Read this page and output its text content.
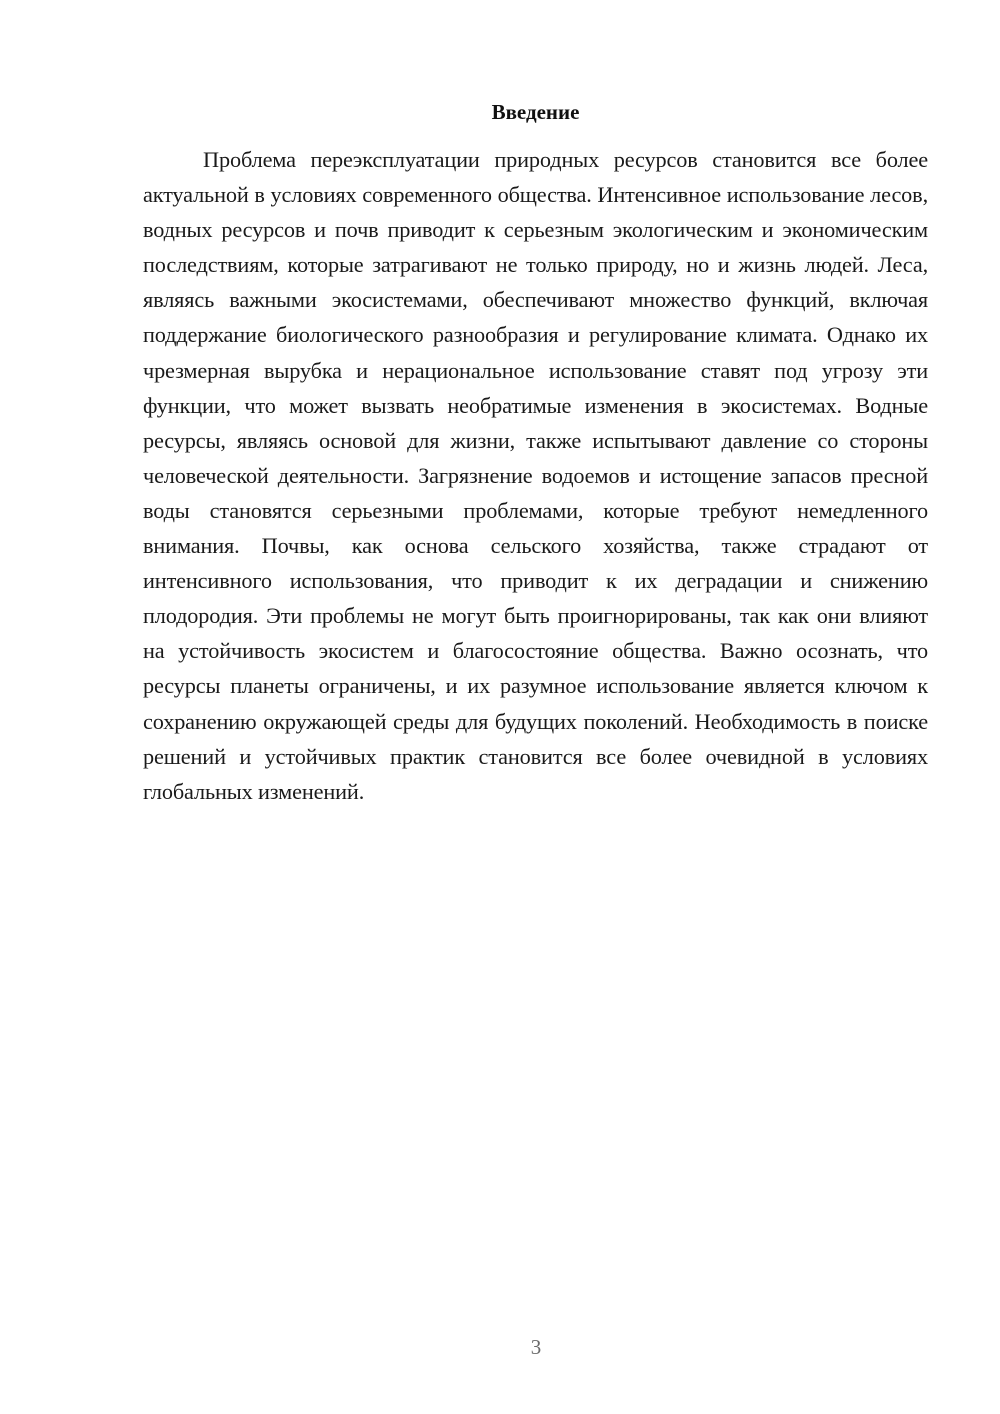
Введение

Проблема переэксплуатации природных ресурсов становится все более актуальной в условиях современного общества. Интенсивное использование лесов, водных ресурсов и почв приводит к серьезным экологическим и экономическим последствиям, которые затрагивают не только природу, но и жизнь людей. Леса, являясь важными экосистемами, обеспечивают множество функций, включая поддержание биологического разнообразия и регулирование климата. Однако их чрезмерная вырубка и нерациональное использование ставят под угрозу эти функции, что может вызвать необратимые изменения в экосистемах. Водные ресурсы, являясь основой для жизни, также испытывают давление со стороны человеческой деятельности. Загрязнение водоемов и истощение запасов пресной воды становятся серьезными проблемами, которые требуют немедленного внимания. Почвы, как основа сельского хозяйства, также страдают от интенсивного использования, что приводит к их деградации и снижению плодородия. Эти проблемы не могут быть проигнорированы, так как они влияют на устойчивость экосистем и благосостояние общества. Важно осознать, что ресурсы планеты ограничены, и их разумное использование является ключом к сохранению окружающей среды для будущих поколений. Необходимость в поиске решений и устойчивых практик становится все более очевидной в условиях глобальных изменений.

3
